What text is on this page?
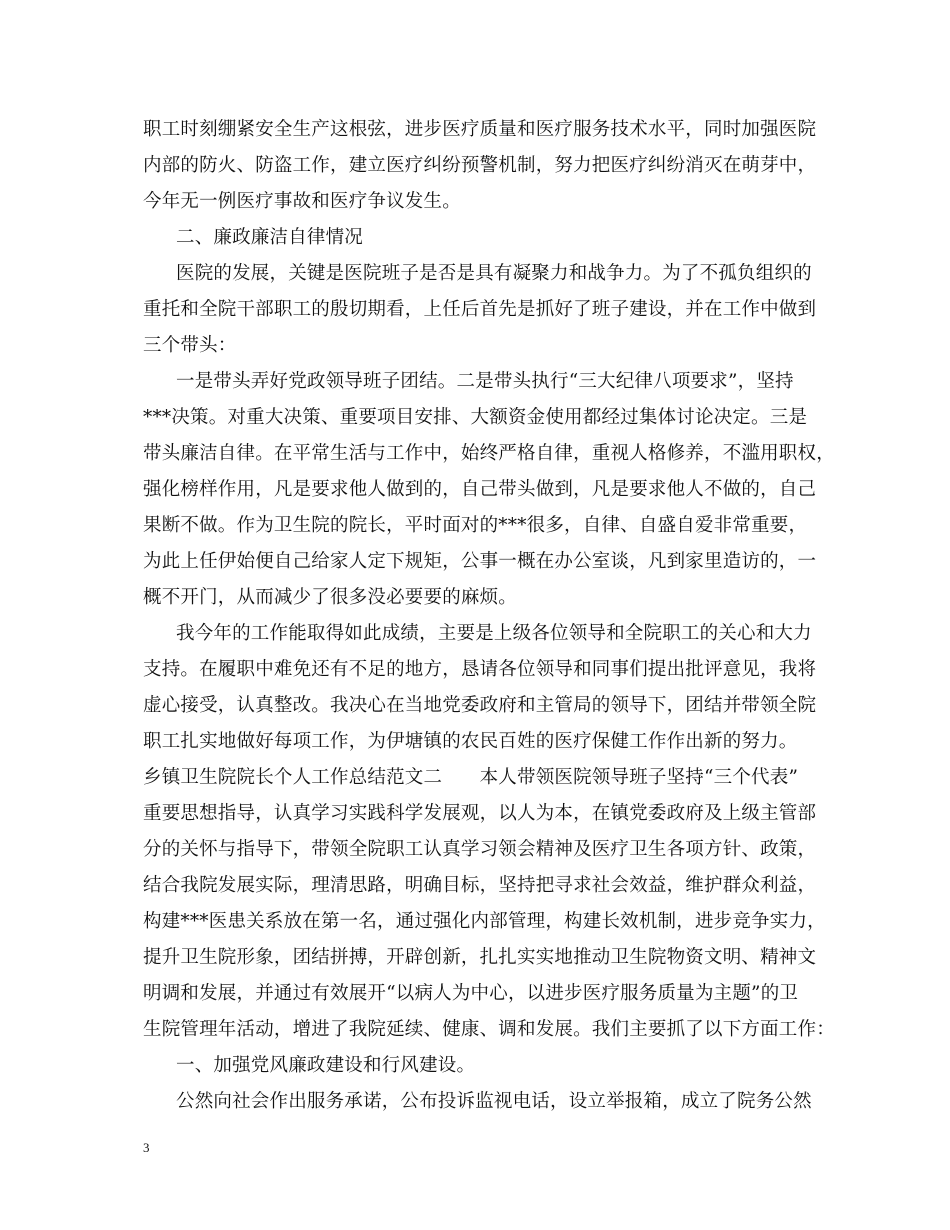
职工时刻绷紧安全生产这根弦，进步医疗质量和医疗服务技术水平，同时加强医院
内部的防火、防盗工作，建立医疗纠纷预警机制，努力把医疗纠纷消灭在萌芽中，
今年无一例医疗事故和医疗争议发生。
二、廉政廉洁自律情况
医院的发展，关键是医院班子是否是具有凝聚力和战争力。为了不孤负组织的
重托和全院干部职工的殷切期看，上任后首先是抓好了班子建设，并在工作中做到
三个带头：
一是带头弄好党政领导班子团结。二是带头执行“三大纪律八项要求”，坚持
***决策。对重大决策、重要项目安排、大额资金使用都经过集体讨论决定。三是
带头廉洁自律。在平常生活与工作中，始终严格自律，重视人格修养，不滥用职权，
强化榜样作用，凡是要求他人做到的，自己带头做到，凡是要求他人不做的，自己
果断不做。作为卫生院的院长，平时面对的***很多，自律、自盛自爱非常重要，
为此上任伊始便自己给家人定下规矩，公事一概在办公室谈，凡到家里造访的，一
概不开门，从而减少了很多没必要要的麻烦。
我今年的工作能取得如此成绩，主要是上级各位领导和全院职工的关心和大力
支持。在履职中难免还有不足的地方，恳请各位领导和同事们提出批评意见，我将
虚心接受，认真整改。我决心在当地党委政府和主管局的领导下，团结并带领全院
职工扎实地做好每项工作，为伊塘镇的农民百姓的医疗保健工作作出新的努力。
乡镇卫生院院长个人工作总结范文二　　本人带领医院领导班子坚持“三个代表”
重要思想指导，认真学习实践科学发展观，以人为本，在镇党委政府及上级主管部
分的关怀与指导下，带领全院职工认真学习领会精神及医疗卫生各项方针、政策，
结合我院发展实际，理清思路，明确目标，坚持把寻求社会效益，维护群众利益，
构建***医患关系放在第一名，通过强化内部管理，构建长效机制，进步竞争实力，
提升卫生院形象，团结拼搏，开辟创新，扎扎实实地推动卫生院物资文明、精神文
明调和发展，并通过有效展开“以病人为中心，以进步医疗服务质量为主题”的卫
生院管理年活动，增进了我院延续、健康、调和发展。我们主要抓了以下方面工作：
一、加强党风廉政建设和行风建设。
公然向社会作出服务承诺，公布投诉监视电话，设立举报箱，成立了院务公然
3
